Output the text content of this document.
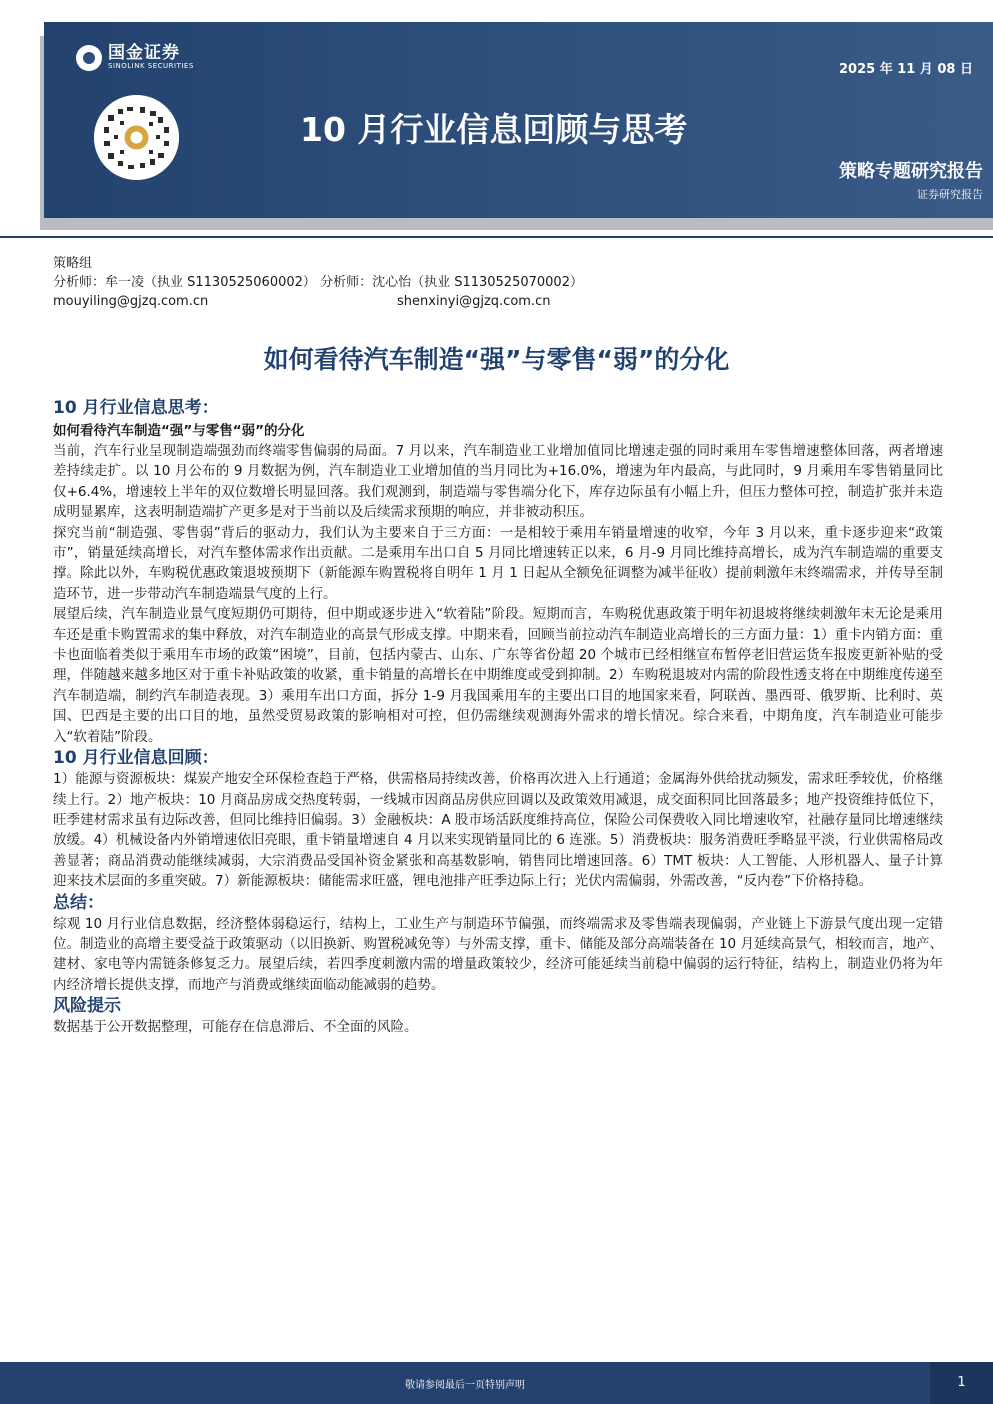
国金证券
SINOLINK SECURITIES	2025 年 11 月 08 日
10 月行业信息回顾与思考
策略专题研究报告
证券研究报告
策略组
分析师：牟一凌（执业 S1130525060002） 分析师：沈心怡（执业 S1130525070002）
mouyiling@gjzq.com.cn	shenxinyi@gjzq.com.cn
如何看待汽车制造“强”与零售“弱”的分化
10 月行业信息思考：

如何看待汽车制造“强”与零售“弱”的分化

当前，汽车行业呈现制造端强劲而终端零售偏弱的局面。7 月以来，汽车制造业工业增加值同比增速走强的同时乘用车零售增速整体回落，两者增速差持续走扩。以 10 月公布的 9 月数据为例，汽车制造业工业增加值的当月同比为+16.0%，增速为年内最高，与此同时，9 月乘用车零售销量同比仅+6.4%，增速较上半年的双位数增长明显回落。我们观测到，制造端与零售端分化下，库存边际虽有小幅上升，但压力整体可控，制造扩张并未造成明显累库，这表明制造端扩产更多是对于当前以及后续需求预期的响应，并非被动积压。

探究当前“制造强、零售弱”背后的驱动力，我们认为主要来自于三方面：一是相较于乘用车销量增速的收窄，今年 3 月以来，重卡逐步迎来“政策市”，销量延续高增长，对汽车整体需求作出贡献。二是乘用车出口自 5 月同比增速转正以来，6 月-9 月同比维持高增长，成为汽车制造端的重要支撑。除此以外，车购税优惠政策退坡预期下（新能源车购置税将自明年 1 月 1 日起从全额免征调整为减半征收）提前刺激年末终端需求，并传导至制造环节，进一步带动汽车制造端景气度的上行。

展望后续，汽车制造业景气度短期仍可期待，但中期或逐步进入“软着陆”阶段。短期而言，车购税优惠政策于明年初退坡将继续刺激年末无论是乘用车还是重卡购置需求的集中释放，对汽车制造业的高景气形成支撑。中期来看，回顾当前拉动汽车制造业高增长的三方面力量：1）重卡内销方面：重卡也面临着类似于乘用车市场的政策“困境”，目前，包括内蒙古、山东、广东等省份超 20 个城市已经相继宣布暂停老旧营运货车报废更新补贴的受理，伴随越来越多地区对于重卡补贴政策的收紧，重卡销量的高增长在中期维度或受到抑制。2）车购税退坡对内需的阶段性透支将在中期维度传递至汽车制造端，制约汽车制造表现。3）乘用车出口方面，拆分 1-9 月我国乘用车的主要出口目的地国家来看，阿联酋、墨西哥、俄罗斯、比利时、英国、巴西是主要的出口目的地，虽然受贸易政策的影响相对可控，但仍需继续观测海外需求的增长情况。综合来看，中期角度，汽车制造业可能步入“软着陆”阶段。

10 月行业信息回顾：

1）能源与资源板块：煤炭产地安全环保检查趋于严格，供需格局持续改善，价格再次进入上行通道；金属海外供给扰动频发，需求旺季较优，价格继续上行。2）地产板块：10 月商品房成交热度转弱，一线城市因商品房供应回调以及政策效用减退，成交面积同比回落最多；地产投资维持低位下，旺季建材需求虽有边际改善，但同比维持旧偏弱。3）金融板块：A 股市场活跃度维持高位，保险公司保费收入同比增速收窄，社融存量同比增速继续放缓。4）机械设备内外销增速依旧亮眼，重卡销量增速自 4 月以来实现销量同比的 6 连涨。5）消费板块：服务消费旺季略显平淡，行业供需格局改善显著；商品消费动能继续减弱，大宗消费品受国补资金紧张和高基数影响，销售同比增速回落。6）TMT 板块：人工智能、人形机器人、量子计算迎来技术层面的多重突破。7）新能源板块：储能需求旺盛，锂电池排产旺季边际上行；光伏内需偏弱，外需改善，“反内卷”下价格持稳。

总结：

综观 10 月行业信息数据，经济整体弱稳运行，结构上，工业生产与制造环节偏强，而终端需求及零售端表现偏弱，产业链上下游景气度出现一定错位。制造业的高增主要受益于政策驱动（以旧换新、购置税减免等）与外需支撑，重卡、储能及部分高端装备在 10 月延续高景气，相较而言，地产、建材、家电等内需链条修复乏力。展望后续，若四季度刺激内需的增量政策较少，经济可能延续当前稳中偏弱的运行特征，结构上，制造业仍将为年内经济增长提供支撑，而地产与消费或继续面临动能减弱的趋势。

风险提示

数据基于公开数据整理，可能存在信息滞后、不全面的风险。

敬请参阅最后一页特别声明	1
